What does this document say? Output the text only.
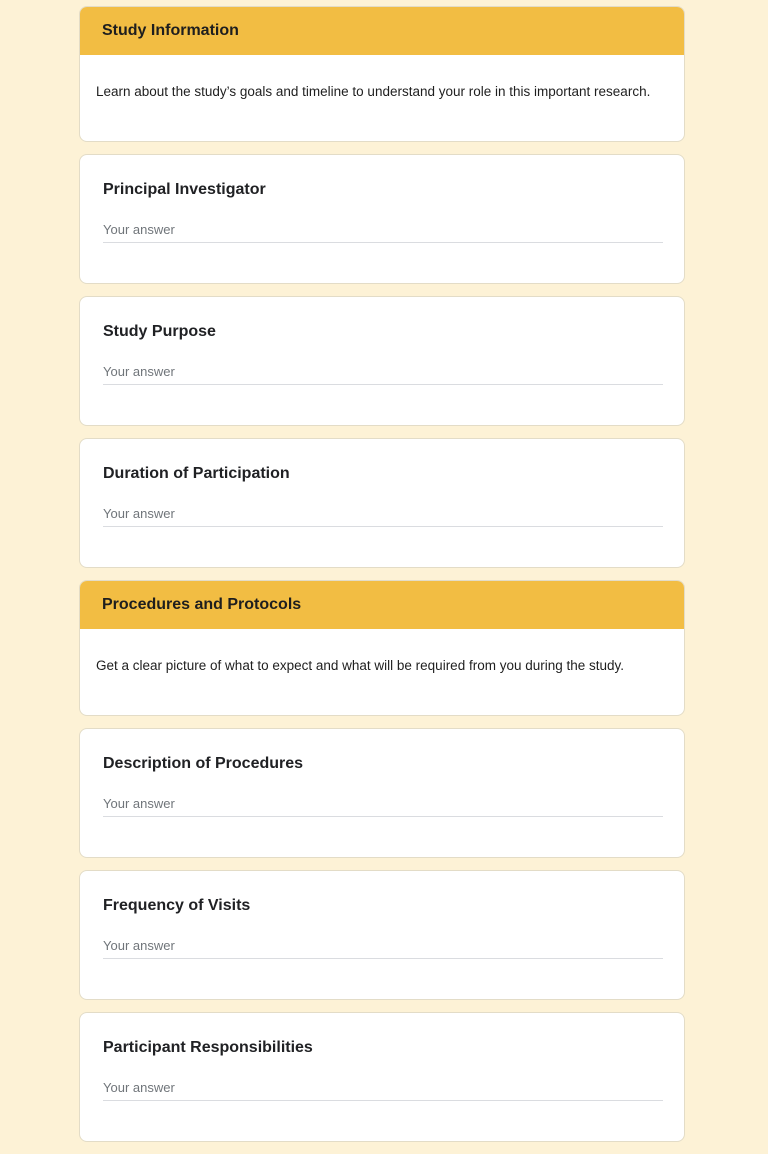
Study Information
Learn about the study’s goals and timeline to understand your role in this important research.
Principal Investigator
Your answer
Study Purpose
Your answer
Duration of Participation
Your answer
Procedures and Protocols
Get a clear picture of what to expect and what will be required from you during the study.
Description of Procedures
Your answer
Frequency of Visits
Your answer
Participant Responsibilities
Your answer
